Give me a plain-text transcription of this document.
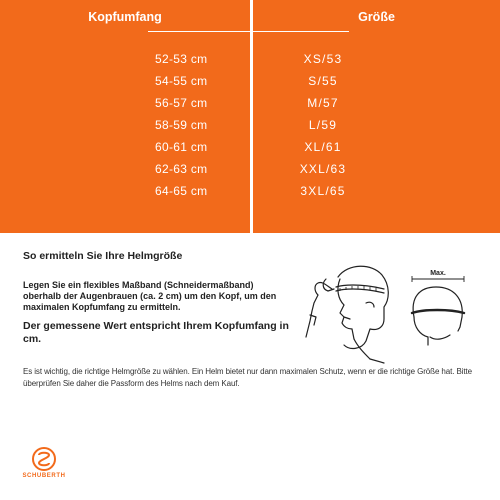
Kopfumfang	Größe
52-53 cm	XS/53
54-55 cm	S/55
56-57 cm	M/57
58-59 cm	L/59
60-61 cm	XL/61
62-63 cm	XXL/63
64-65 cm	3XL/65
So ermitteln Sie Ihre Helmgröße
Legen Sie ein flexibles Maßband (Schneidermaßband) oberhalb der Augenbrauen (ca. 2 cm) um den Kopf, um den maximalen Kopfumfang zu ermitteln.
Der gemessene Wert entspricht Ihrem Kopfumfang in cm.
Max.
Es ist wichtig, die richtige Helmgröße zu wählen. Ein Helm bietet nur dann maximalen Schutz, wenn er die richtige Größe hat. Bitte überprüfen Sie daher die Passform des Helms nach dem Kauf.
SCHUBERTH
